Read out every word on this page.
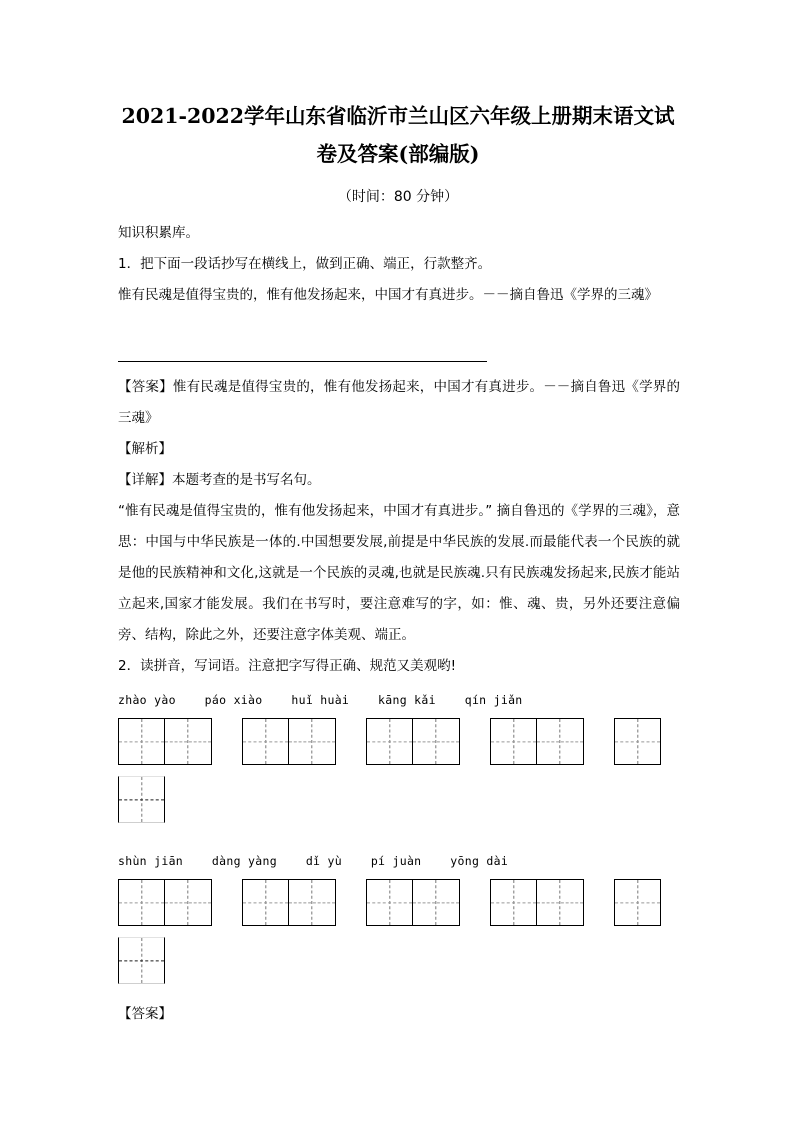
2021-2022学年山东省临沂市兰山区六年级上册期末语文试卷及答案(部编版)
（时间：80 分钟）
知识积累库。
1．把下面一段话抄写在横线上，做到正确、端正，行款整齐。
惟有民魂是值得宝贵的，惟有他发扬起来，中国才有真进步。－－摘自鲁迅《学界的三魂》
【答案】惟有民魂是值得宝贵的，惟有他发扬起来，中国才有真进步。－－摘自鲁迅《学界的三魂》
【解析】
【详解】本题考查的是书写名句。
“惟有民魂是值得宝贵的，惟有他发扬起来，中国才有真进步。” 摘自鲁迅的《学界的三魂》，意思：中国与中华民族是一体的.中国想要发展,前提是中华民族的发展.而最能代表一个民族的就是他的民族精神和文化,这就是一个民族的灵魂,也就是民族魂.只有民族魂发扬起来,民族才能站立起来,国家才能发展。我们在书写时，要注意难写的字，如：惟、魂、贵，另外还要注意偏旁、结构，除此之外，还要注意字体美观、端正。
2．读拼音，写词语。注意把字写得正确、规范又美观哟!
zhào yào    páo xiào    huǐ huài    kāng kǎi    qín jiǎn
shùn jiān    dàng yàng    dǐ yù    pí juàn    yōng dài
【答案】
